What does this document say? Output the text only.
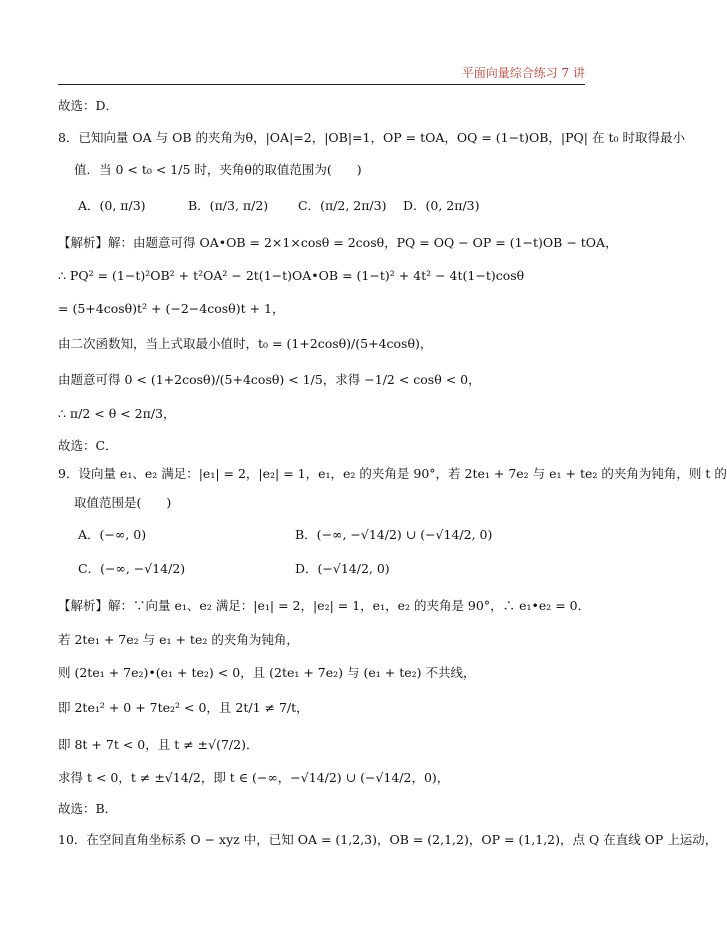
平面向量综合练习 7 讲
故选：D．
8．已知向量 OA 与 OB 的夹角为θ，|OA|=2，|OB|=1，OP = tOA，OQ = (1−t)OB，|PQ| 在 t₀ 时取得最小
值．当 0 < t₀ < 1/5 时，夹角θ的取值范围为(　　)
A．(0, π/3)	B．(π/3, π/2) C．(π/2, 2π/3) D．(0, 2π/3)
【解析】解：由题意可得 OA•OB = 2×1×cosθ = 2cosθ，PQ = OQ − OP = (1−t)OB − tOA，
∴ PQ² = (1−t)²OB² + t²OA² − 2t(1−t)OA•OB = (1−t)² + 4t² − 4t(1−t)cosθ
= (5+4cosθ)t² + (−2−4cosθ)t + 1，
由二次函数知，当上式取最小值时，t₀ = (1+2cosθ)/(5+4cosθ)，
由题意可得 0 < (1+2cosθ)/(5+4cosθ) < 1/5，求得 −1/2 < cosθ < 0，
∴ π/2 < θ < 2π/3，
故选：C．
9．设向量 e₁、e₂ 满足：|e₁| = 2，|e₂| = 1，e₁，e₂ 的夹角是 90°，若 2te₁ + 7e₂ 与 e₁ + te₂ 的夹角为钝角，则 t 的
取值范围是(　　)
A．(−∞, 0)	B．(−∞, −√14/2) ∪ (−√14/2, 0)
C．(−∞, −√14/2)	D．(−√14/2, 0)
【解析】解：∵向量 e₁、e₂ 满足：|e₁| = 2，|e₂| = 1，e₁，e₂ 的夹角是 90°，∴ e₁•e₂ = 0．
若 2te₁ + 7e₂ 与 e₁ + te₂ 的夹角为钝角，
则 (2te₁ + 7e₂)•(e₁ + te₂) < 0，且 (2te₁ + 7e₂) 与 (e₁ + te₂) 不共线，
即 2te₁² + 0 + 7te₂² < 0，且 2t/1 ≠ 7/t，
即 8t + 7t < 0，且 t ≠ ±√(7/2)．
求得 t < 0，t ≠ ±√14/2，即 t ∈ (−∞，−√14/2) ∪ (−√14/2，0)，
故选：B．
10．在空间直角坐标系 O − xyz 中，已知 OA = (1,2,3)，OB = (2,1,2)，OP = (1,1,2)，点 Q 在直线 OP 上运动，
